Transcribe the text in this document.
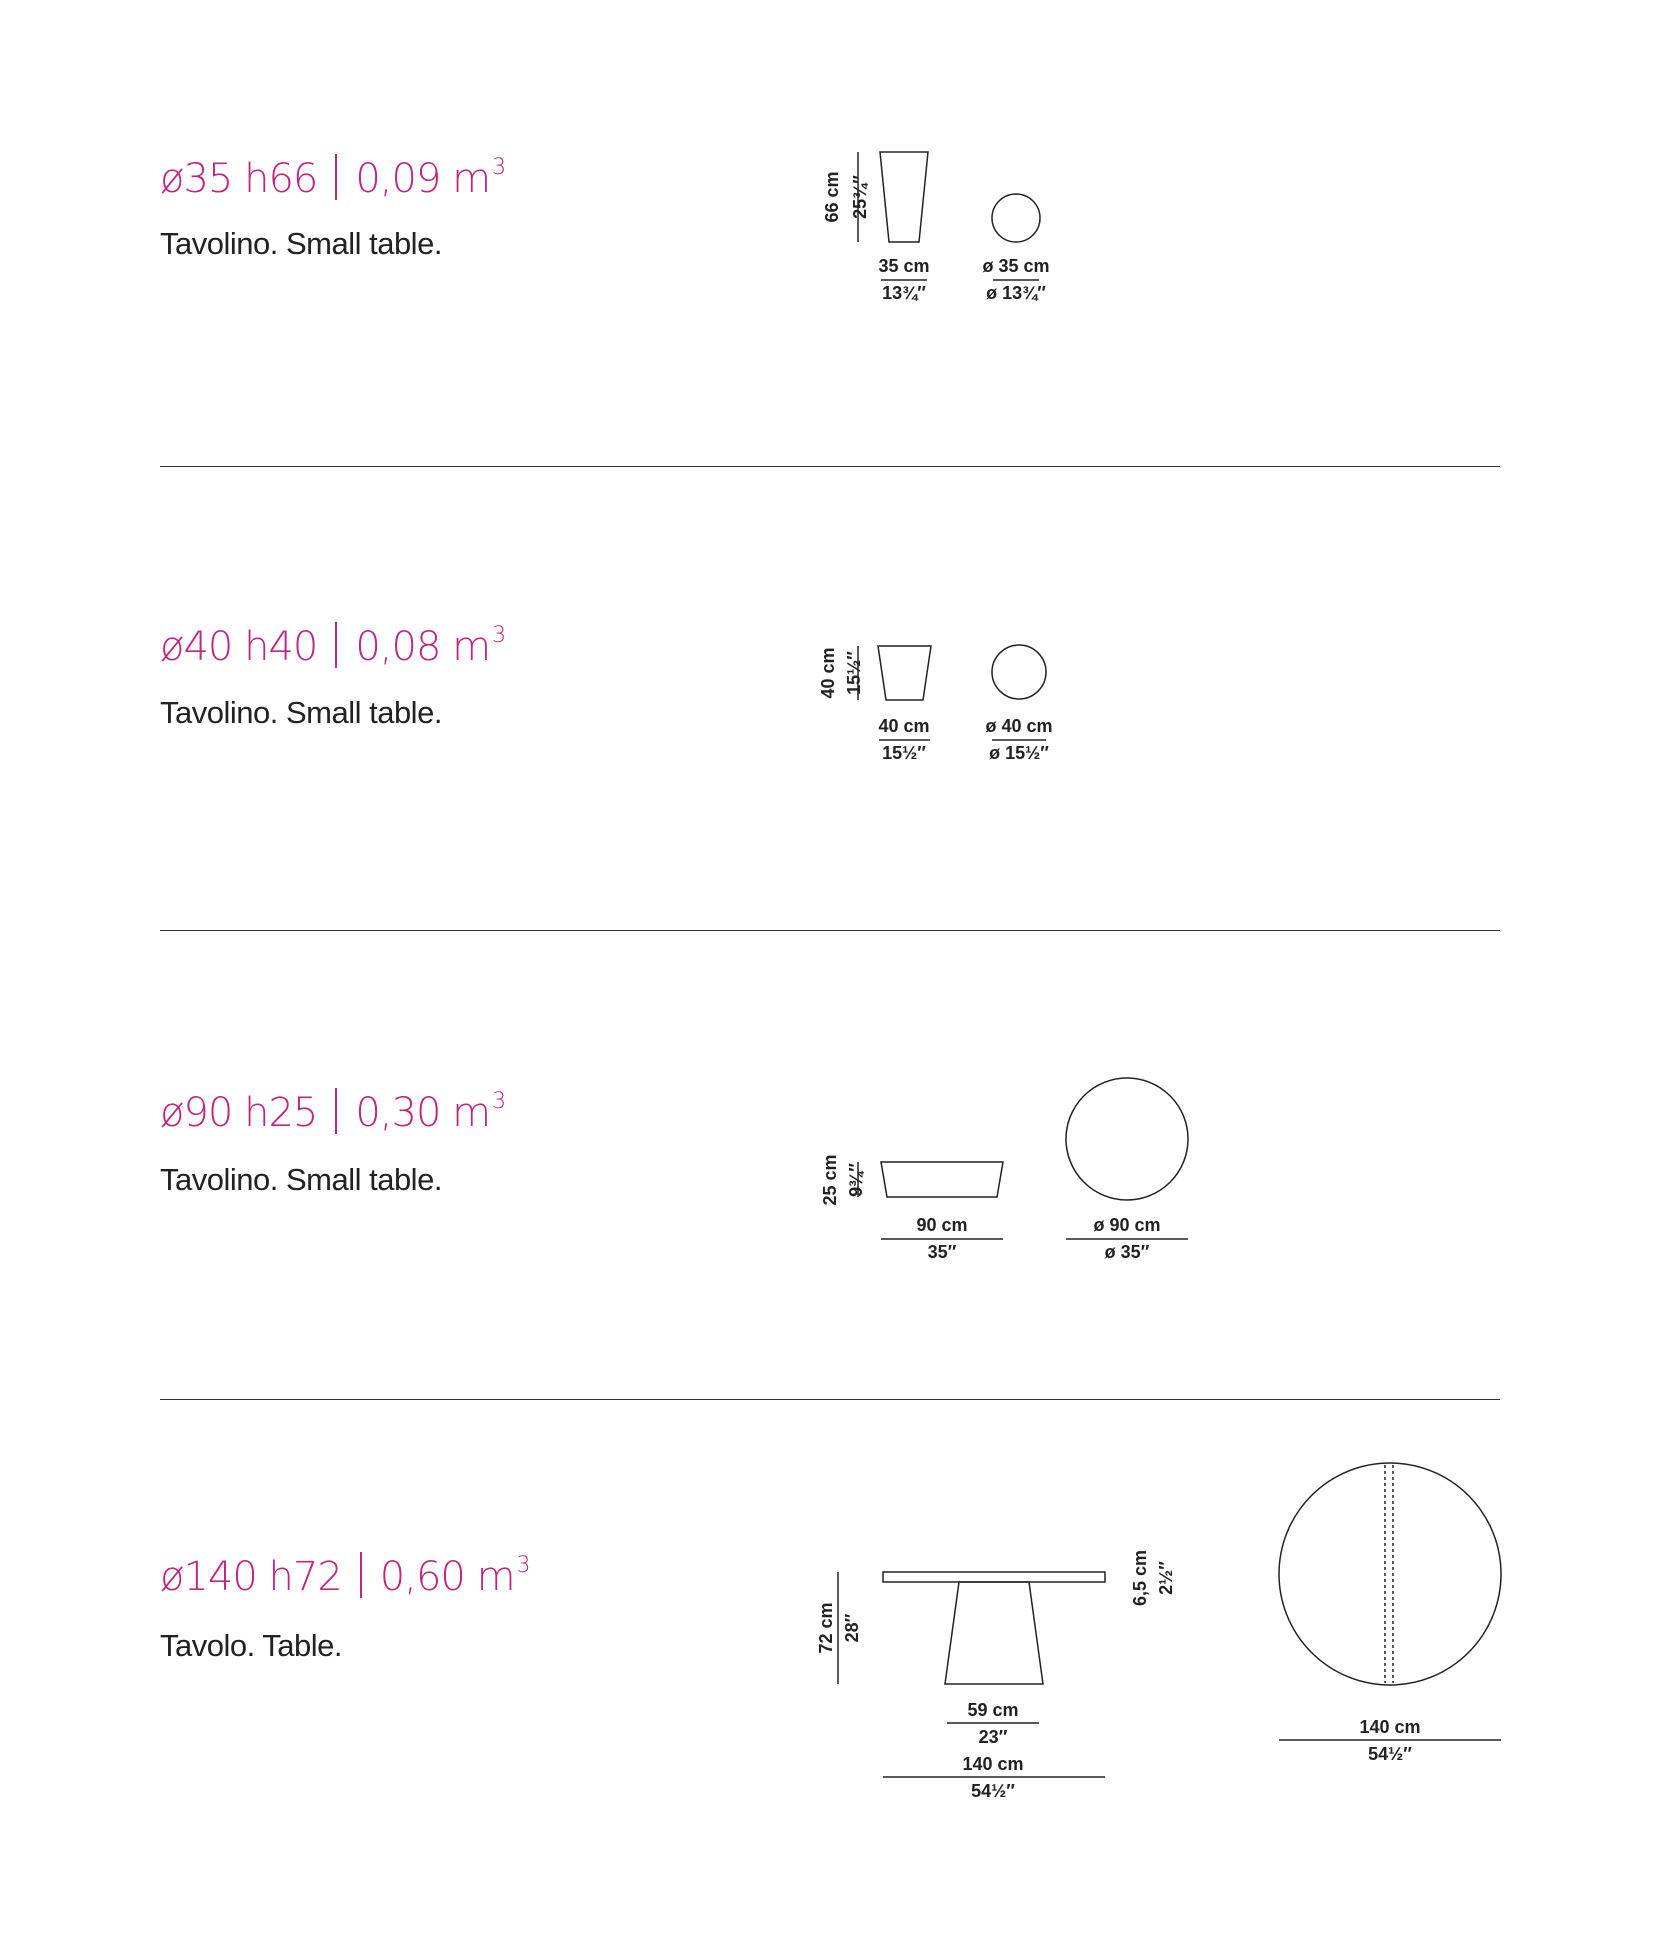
ø35 h66 0,09 $m^3$
Tavolino. Small table.
ø40 h40 0,08 $m^3$
Tavolino. Small table.
ø90 h25 0,30 $m^3$
Tavolino. Small table.
ø140 h72 0,60 $m^3$
Tavolo. Table.
66 cm 25¾″
35 cm
13¾″
ø 35 cm
ø 13¾″
40 cm 15½″
40 cm
15½″
ø 40 cm
ø 15½″
25 cm 9¾″
90 cm
35″
ø 90 cm
ø 35″
72 cm 28″
6,5 cm 2½″
59 cm
23″
140 cm
54½″
140 cm
54½″
